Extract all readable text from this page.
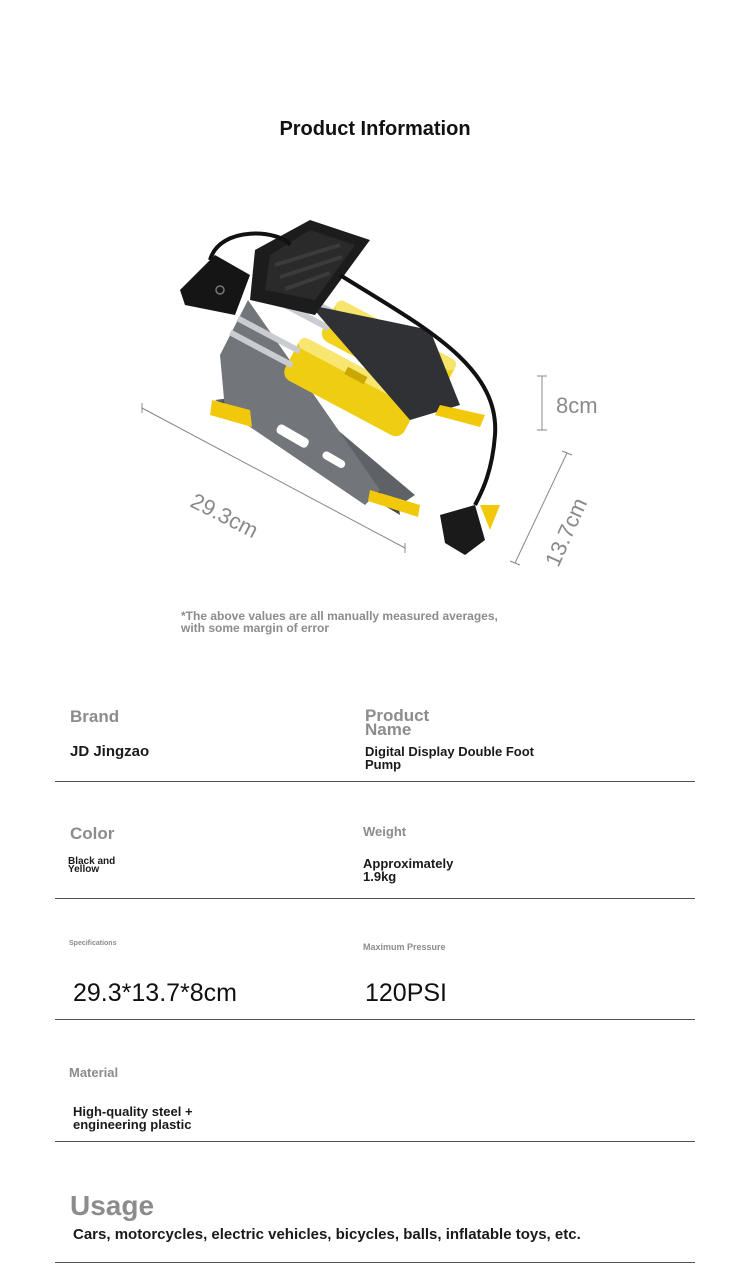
Product Information
29.3cm
8cm
13.7cm
*The above values are all manually measured averages, with some margin of error
Brand
JD Jingzao
Product Name
Digital Display Double Foot Pump
Color
Black and Yellow
Weight
Approximately 1.9kg
Specifications
29.3*13.7*8cm
Maximum Pressure
120PSI
Material
High-quality steel + engineering plastic
Usage
Cars, motorcycles, electric vehicles, bicycles, balls, inflatable toys, etc.
